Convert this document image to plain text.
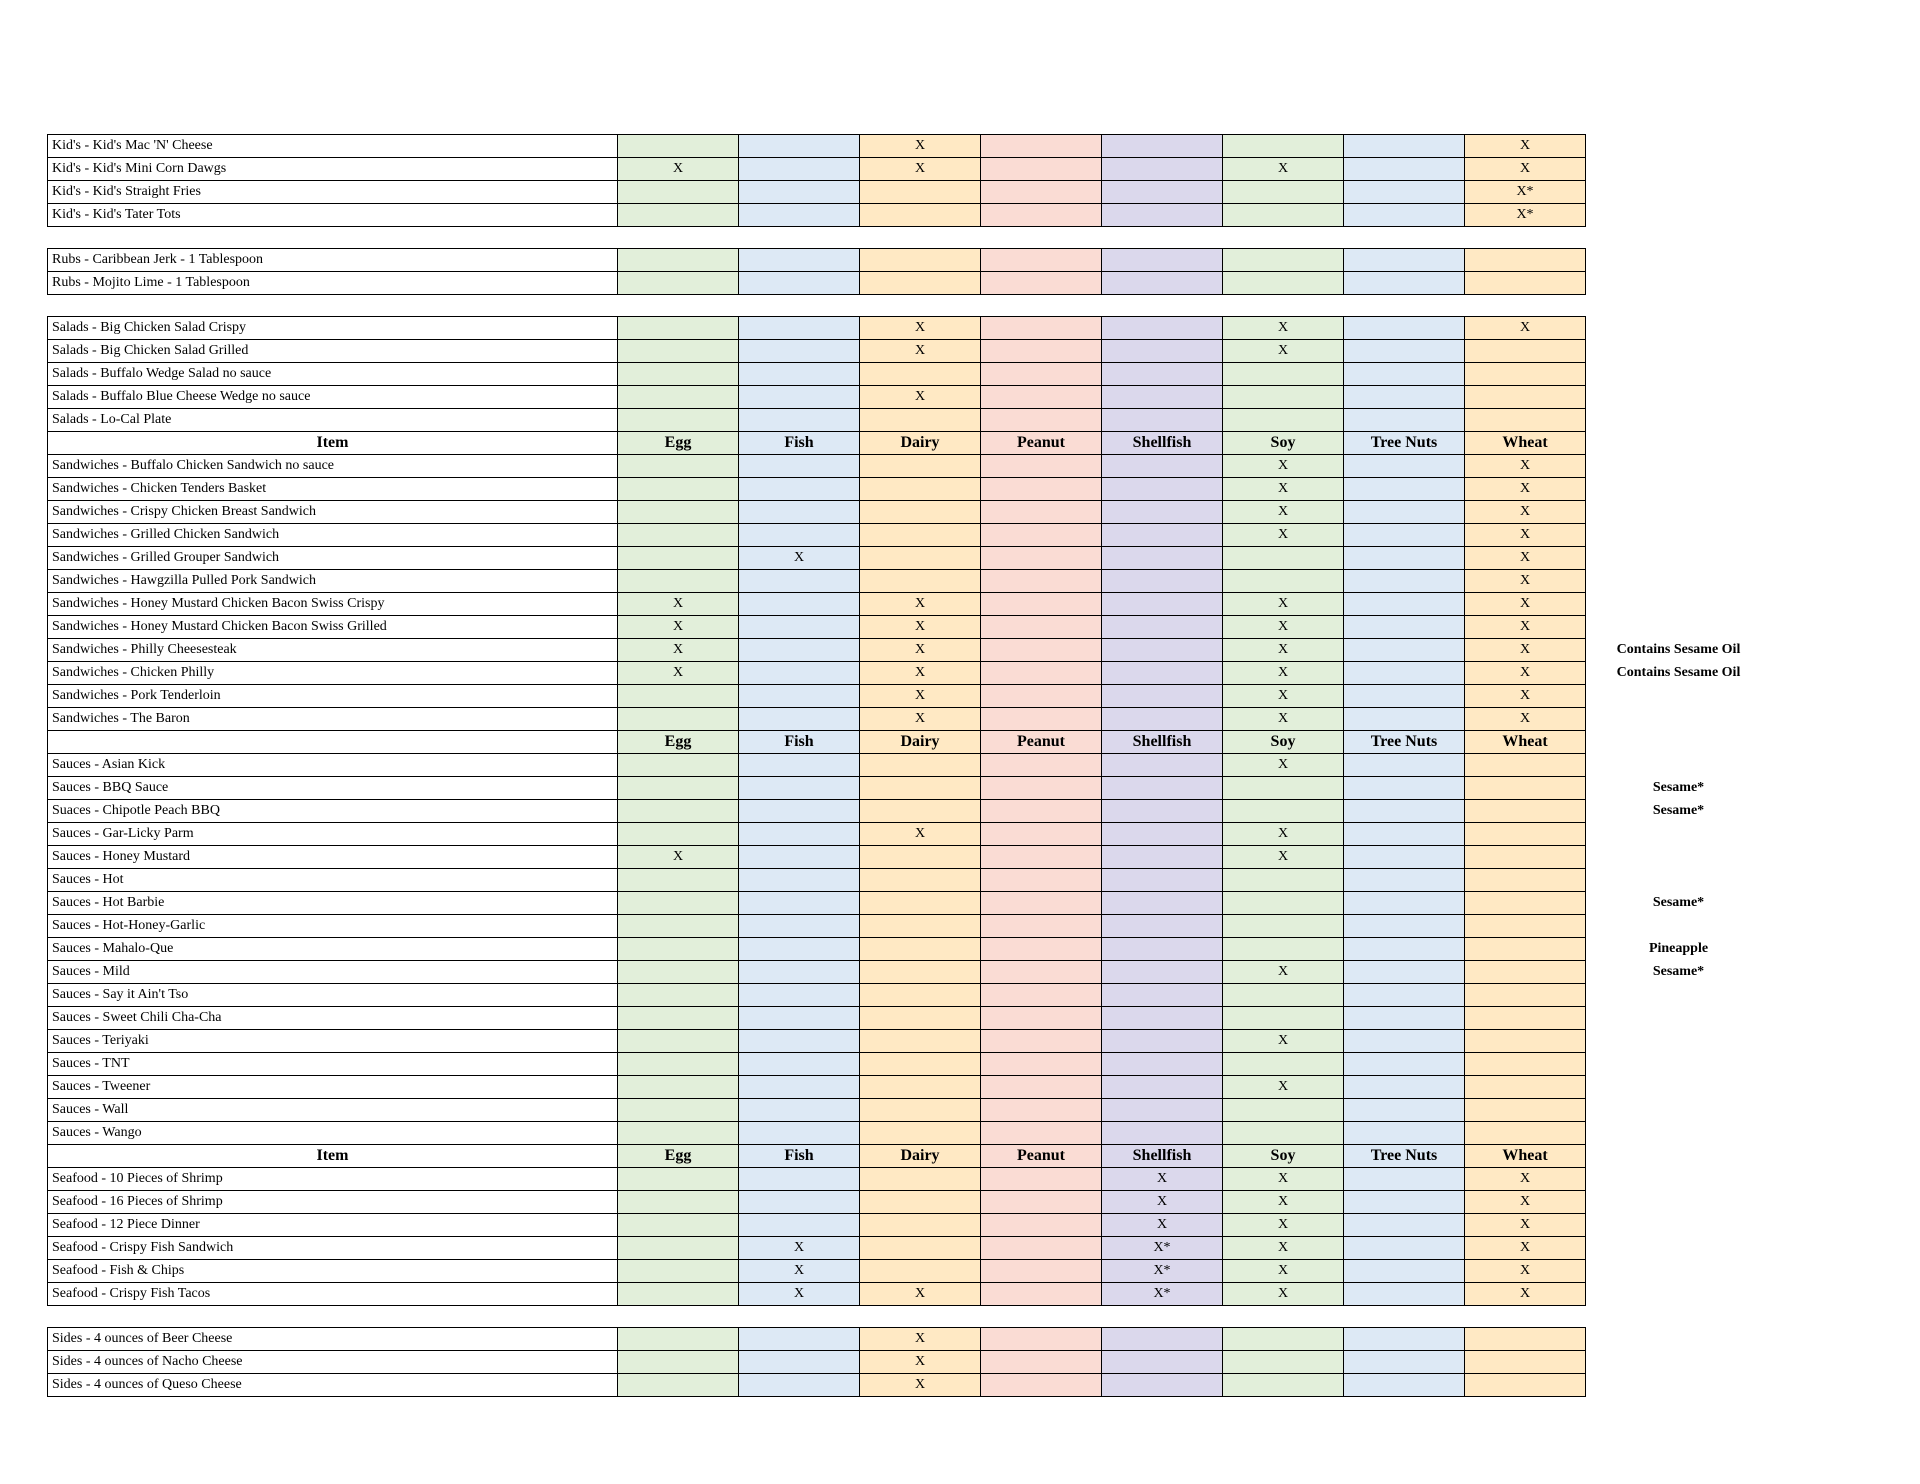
Kid's - Kid's Mac 'N' Cheese			X					X	
Kid's - Kid's Mini Corn Dawgs	X		X			X		X	
Kid's - Kid's Straight Fries								X*	
Kid's - Kid's Tater Tots								X*	
Rubs - Caribbean Jerk - 1 Tablespoon									
Rubs - Mojito Lime - 1 Tablespoon									
Salads - Big Chicken Salad Crispy			X			X		X	
Salads - Big Chicken Salad Grilled			X			X			
Salads - Buffalo Wedge Salad no sauce									
Salads - Buffalo Blue Cheese Wedge no sauce			X						
Salads - Lo-Cal Plate									
Item	Egg	Fish	Dairy	Peanut	Shellfish	Soy	Tree Nuts	Wheat	
Sandwiches - Buffalo Chicken Sandwich no sauce						X		X	
Sandwiches - Chicken Tenders Basket						X		X	
Sandwiches - Crispy Chicken Breast Sandwich						X		X	
Sandwiches - Grilled Chicken Sandwich						X		X	
Sandwiches - Grilled Grouper Sandwich		X						X	
Sandwiches - Hawgzilla Pulled Pork Sandwich								X	
Sandwiches - Honey Mustard Chicken Bacon Swiss Crispy	X		X			X		X	
Sandwiches - Honey Mustard Chicken Bacon Swiss Grilled	X		X			X		X	
Sandwiches - Philly Cheesesteak	X		X			X		X	Contains Sesame Oil
Sandwiches - Chicken Philly	X		X			X		X	Contains Sesame Oil
Sandwiches - Pork Tenderloin			X			X		X	
Sandwiches - The Baron			X			X		X	
	Egg	Fish	Dairy	Peanut	Shellfish	Soy	Tree Nuts	Wheat	
Sauces - Asian Kick						X			
Sauces - BBQ Sauce									Sesame*
Suaces - Chipotle Peach BBQ									Sesame*
Sauces - Gar-Licky Parm			X			X			
Sauces - Honey Mustard	X					X			
Sauces - Hot									
Sauces - Hot Barbie									Sesame*
Sauces - Hot-Honey-Garlic									
Sauces - Mahalo-Que									Pineapple
Sauces - Mild						X			Sesame*
Sauces - Say it Ain't Tso									
Sauces - Sweet Chili Cha-Cha									
Sauces - Teriyaki						X			
Sauces - TNT									
Sauces - Tweener						X			
Sauces - Wall									
Sauces - Wango									
Item	Egg	Fish	Dairy	Peanut	Shellfish	Soy	Tree Nuts	Wheat	
Seafood - 10 Pieces of Shrimp					X	X		X	
Seafood - 16 Pieces of Shrimp					X	X		X	
Seafood - 12 Piece Dinner					X	X		X	
Seafood - Crispy Fish Sandwich		X			X*	X		X	
Seafood - Fish & Chips		X			X*	X		X	
Seafood - Crispy Fish Tacos		X	X		X*	X		X	
Sides - 4 ounces of Beer Cheese			X						
Sides - 4 ounces of Nacho Cheese			X						
Sides - 4 ounces of Queso Cheese			X						
